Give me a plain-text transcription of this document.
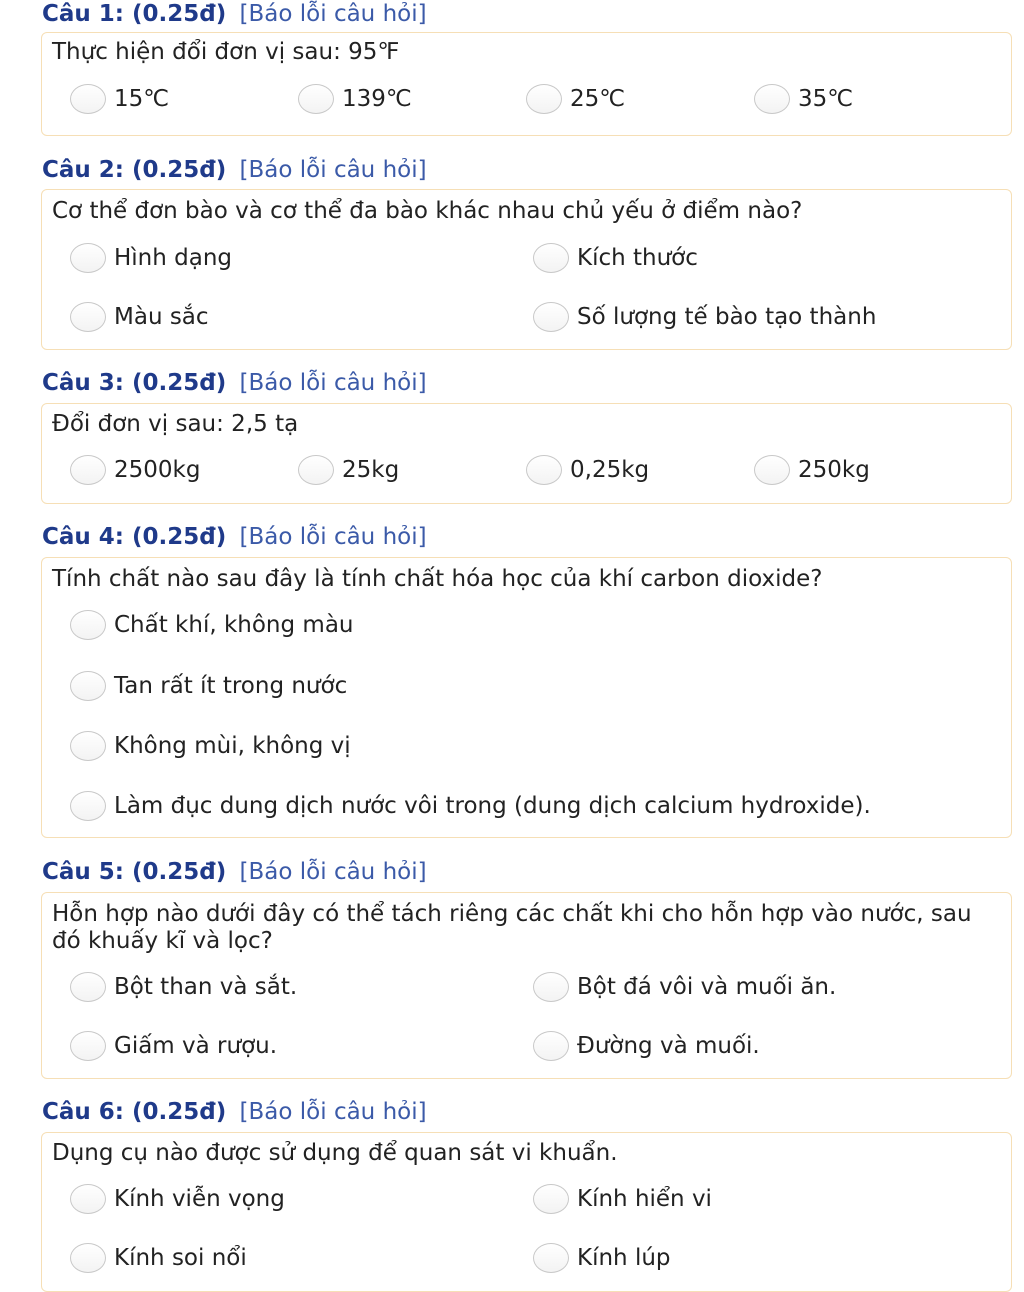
Câu 1: (0.25đ) [Báo lỗi câu hỏi]
Thực hiện đổi đơn vị sau: 95℉
15℃	139℃	25℃	35℃
Câu 2: (0.25đ) [Báo lỗi câu hỏi]
Cơ thể đơn bào và cơ thể đa bào khác nhau chủ yếu ở điểm nào?
Hình dạng	Kích thước
Màu sắc	Số lượng tế bào tạo thành
Câu 3: (0.25đ) [Báo lỗi câu hỏi]
Đổi đơn vị sau: 2,5 tạ
2500kg	25kg	0,25kg	250kg
Câu 4: (0.25đ) [Báo lỗi câu hỏi]
Tính chất nào sau đây là tính chất hóa học của khí carbon dioxide?
Chất khí, không màu
Tan rất ít trong nước
Không mùi, không vị
Làm đục dung dịch nước vôi trong (dung dịch calcium hydroxide).
Câu 5: (0.25đ) [Báo lỗi câu hỏi]
Hỗn hợp nào dưới đây có thể tách riêng các chất khi cho hỗn hợp vào nước, sau đó khuấy kĩ và lọc?
Bột than và sắt.	Bột đá vôi và muối ăn.
Giấm và rượu.	Đường và muối.
Câu 6: (0.25đ) [Báo lỗi câu hỏi]
Dụng cụ nào được sử dụng để quan sát vi khuẩn.
Kính viễn vọng	Kính hiển vi
Kính soi nổi	Kính lúp
